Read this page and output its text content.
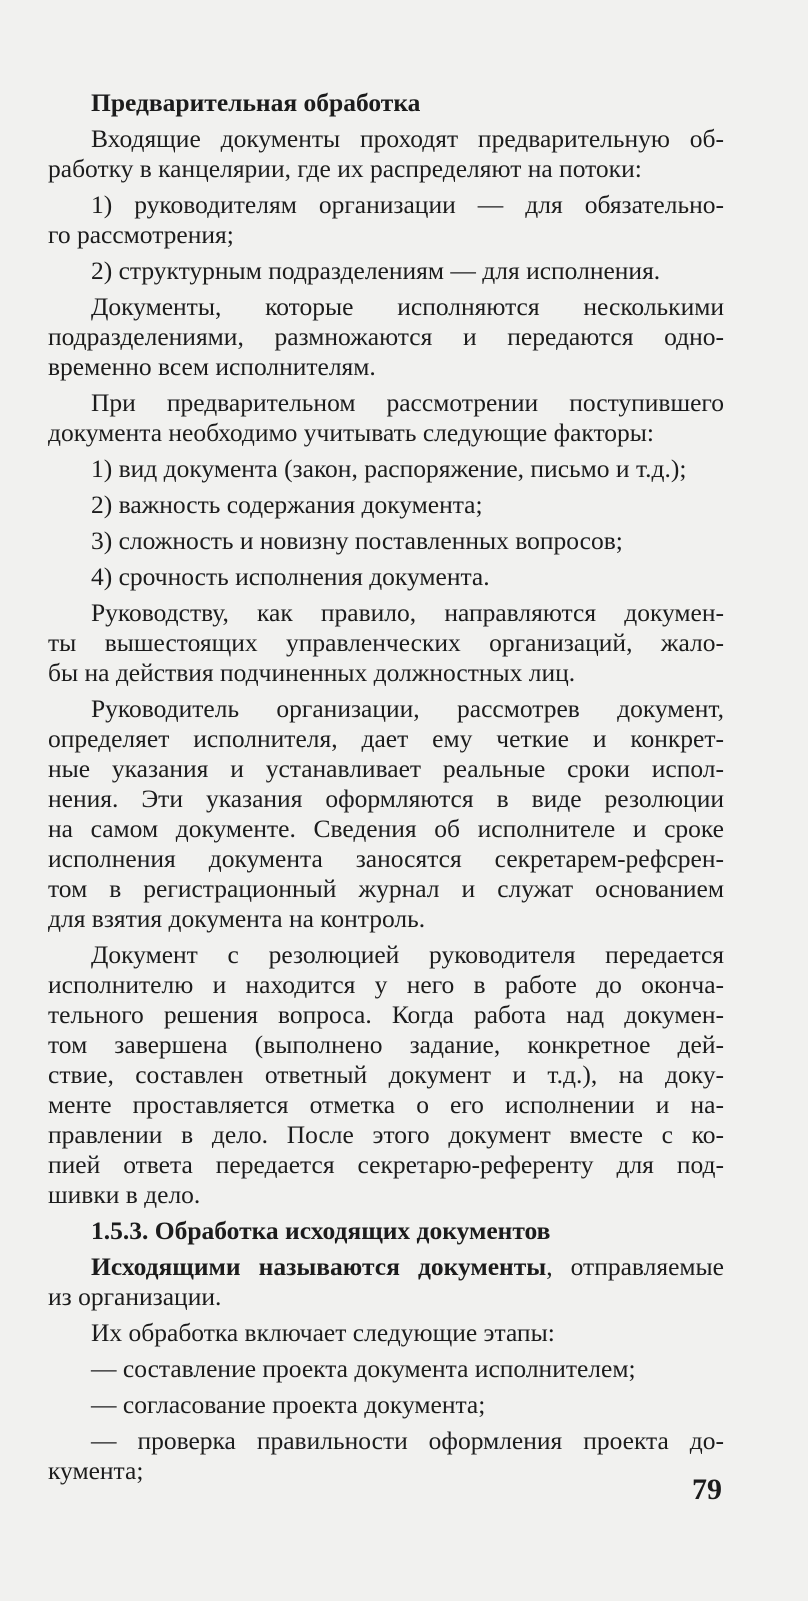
Предварительная обработка
Входящие документы проходят предварительную об-
работку в канцелярии, где их распределяют на потоки:
1) руководителям организации — для обязательно-
го рассмотрения;
2) структурным подразделениям — для исполнения.
Документы, которые исполняются несколькими
подразделениями, размножаются и передаются одно-
временно всем исполнителям.
При предварительном рассмотрении поступившего
документа необходимо учитывать следующие факторы:
1) вид документа (закон, распоряжение, письмо и т.д.);
2) важность содержания документа;
3) сложность и новизну поставленных вопросов;
4) срочность исполнения документа.
Руководству, как правило, направляются докумен-
ты вышестоящих управленческих организаций, жало-
бы на действия подчиненных должностных лиц.
Руководитель организации, рассмотрев документ,
определяет исполнителя, дает ему четкие и конкрет-
ные указания и устанавливает реальные сроки испол-
нения. Эти указания оформляются в виде резолюции
на самом документе. Сведения об исполнителе и сроке
исполнения документа заносятся секретарем-рефсрен-
том в регистрационный журнал и служат основанием
для взятия документа на контроль.
Документ с резолюцией руководителя передается
исполнителю и находится у него в работе до оконча-
тельного решения вопроса. Когда работа над докумен-
том завершена (выполнено задание, конкретное дей-
ствие, составлен ответный документ и т.д.), на доку-
менте проставляется отметка о его исполнении и на-
правлении в дело. После этого документ вместе с ко-
пией ответа передается секретарю-референту для под-
шивки в дело.
1.5.3. Обработка исходящих документов
Исходящими называются документы, отправляемые
из организации.
Их обработка включает следующие этапы:
— составление проекта документа исполнителем;
— согласование проекта документа;
— проверка правильности оформления проекта до-
кумента;
79
